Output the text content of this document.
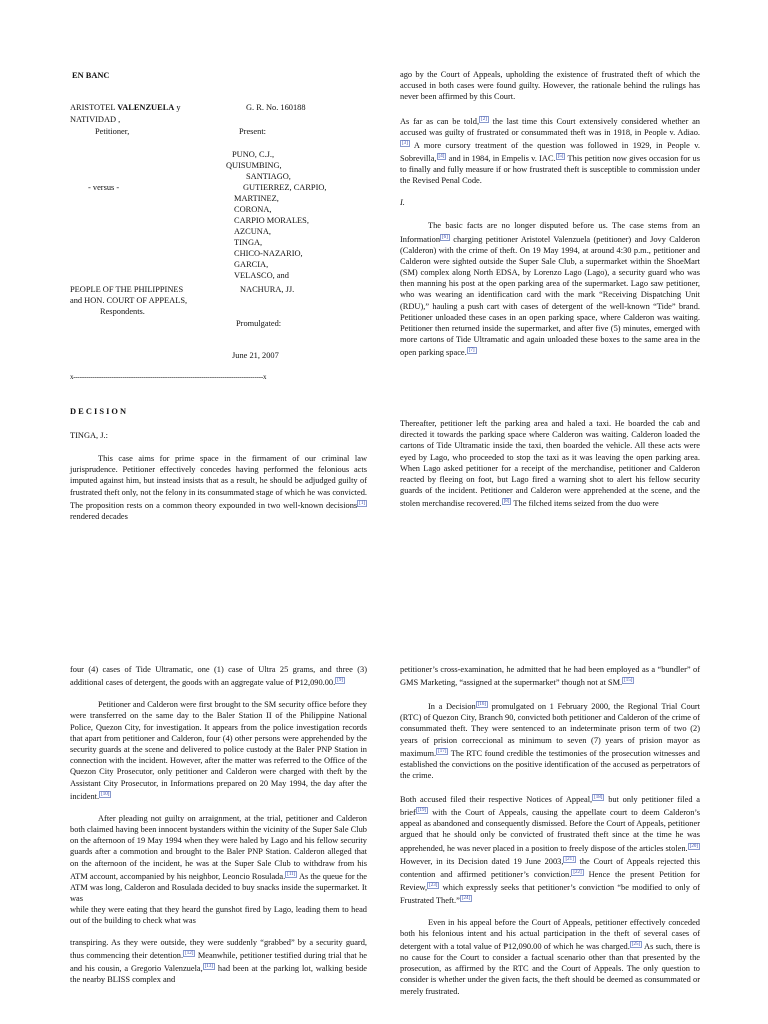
EN BANC
ARISTOTEL VALENZUELA y
NATIVIDAD ,
Petitioner,
G. R. No. 160188
Present:
PUNO, C.J.,
QUISUMBING,
SANTIAGO,
GUTIERREZ, CARPIO,
MARTINEZ,
CORONA,
CARPIO MORALES,
AZCUNA,
TINGA,
CHICO-NAZARIO,
GARCIA,
VELASCO, and
NACHURA, JJ.
- versus -
PEOPLE OF THE PHILIPPINES
and HON. COURT OF APPEALS,
Respondents.
Promulgated:
June 21, 2007
x-----------------------------------------------------------------------------------------x
D E C I S I O N
TINGA, J.:

This case aims for prime space in the firmament of our criminal law jurisprudence. Petitioner effectively concedes having performed the felonious acts imputed against him, but instead insists that as a result, he should be adjudged guilty of frustrated theft only, not the felony in its consummated stage of which he was convicted. The proposition rests on a common theory expounded in two well-known decisions [1] rendered decades

ago by the Court of Appeals, upholding the existence of frustrated theft of which the accused in both cases were found guilty. However, the rationale behind the rulings has never been affirmed by this Court.

As far as can be told, [2] the last time this Court extensively considered whether an accused was guilty of frustrated or consummated theft was in 1918, in People v. Adiao.[3] A more cursory treatment of the question was followed in 1929, in People v. Sobrevilla, [4] and in 1984, in Empelis v. IAC. [5] This petition now gives occasion for us to finally and fully measure if or how frustrated theft is susceptible to commission under the Revised Penal Code.

I.

The basic facts are no longer disputed before us. The case stems from an Information [6] charging petitioner Aristotel Valenzuela (petitioner) and Jovy Calderon (Calderon) with the crime of theft. On 19 May 1994, at around 4:30 p.m., petitioner and Calderon were sighted outside the Super Sale Club, a supermarket within the ShoeMart (SM) complex along North EDSA, by Lorenzo Lago (Lago), a security guard who was then manning his post at the open parking area of the supermarket. Lago saw petitioner, who was wearing an identification card with the mark “Receiving Dispatching Unit (RDU),” hauling a push cart with cases of detergent of the well-known “Tide” brand. Petitioner unloaded these cases in an open parking space, where Calderon was waiting. Petitioner then returned inside the supermarket, and after five (5) minutes, emerged with more cartons of Tide Ultramatic and again unloaded these boxes to the same area in the open parking space. [7]

Thereafter, petitioner left the parking area and haled a taxi. He boarded the cab and directed it towards the parking space where Calderon was waiting. Calderon loaded the cartons of Tide Ultramatic inside the taxi, then boarded the vehicle. All these acts were eyed by Lago, who proceeded to stop the taxi as it was leaving the open parking area. When Lago asked petitioner for a receipt of the merchandise, petitioner and Calderon reacted by fleeing on foot, but Lago fired a warning shot to alert his fellow security guards of the incident. Petitioner and Calderon were apprehended at the scene, and the stolen merchandise recovered. [8] The filched items seized from the duo were

four (4) cases of Tide Ultramatic, one (1) case of Ultra 25 grams, and three (3) additional cases of detergent, the goods with an aggregate value of ₱12,090.00. [9]

Petitioner and Calderon were first brought to the SM security office before they were transferred on the same day to the Baler Station II of the Philippine National Police, Quezon City, for investigation. It appears from the police investigation records that apart from petitioner and Calderon, four (4) other persons were apprehended by the security guards at the scene and delivered to police custody at the Baler PNP Station in connection with the incident. However, after the matter was referred to the Office of the Quezon City Prosecutor, only petitioner and Calderon were charged with theft by the Assistant City Prosecutor, in Informations prepared on 20 May 1994, the day after the incident. [10]

After pleading not guilty on arraignment, at the trial, petitioner and Calderon both claimed having been innocent bystanders within the vicinity of the Super Sale Club on the afternoon of 19 May 1994 when they were haled by Lago and his fellow security guards after a commotion and brought to the Baler PNP Station. Calderon alleged that on the afternoon of the incident, he was at the Super Sale Club to withdraw from his ATM account, accompanied by his neighbor, Leoncio Rosulada. [11] As the queue for the ATM was long, Calderon and Rosulada decided to buy snacks inside the supermarket. It was

while they were eating that they heard the gunshot fired by Lago, leading them to head out of the building to check what was

transpiring. As they were outside, they were suddenly “grabbed” by a security guard, thus commencing their detention. [12] Meanwhile, petitioner testified during trial that he and his cousin, a Gregorio Valenzuela, [13] had been at the parking lot, walking beside the nearby BLISS complex and

petitioner’s cross-examination, he admitted that he had been employed as a “bundler” of GMS Marketing, “assigned at the supermarket” though not at SM. [15]

In a Decision [16] promulgated on 1 February 2000, the Regional Trial Court (RTC) of Quezon City, Branch 90, convicted both petitioner and Calderon of the crime of consummated theft. They were sentenced to an indeterminate prison term of two (2) years of prision correccional as minimum to seven (7) years of prision mayor as maximum. [17] The RTC found credible the testimonies of the prosecution witnesses and established the convictions on the positive identification of the accused as perpetrators of the crime.

Both accused filed their respective Notices of Appeal, [18] but only petitioner filed a brief [19] with the Court of Appeals, causing the appellate court to deem Calderon’s appeal as abandoned and consequently dismissed. Before the Court of Appeals, petitioner argued that he should only be convicted of frustrated theft since at the time he was apprehended, he was never placed in a position to freely dispose of the articles stolen. [20] However, in its Decision dated 19 June 2003, [21] the Court of Appeals rejected this contention and affirmed petitioner’s conviction. [22] Hence the present Petition for Review, [23] which expressly seeks that petitioner’s conviction “be modified to only of Frustrated Theft.” [24]

Even in his appeal before the Court of Appeals, petitioner effectively conceded both his felonious intent and his actual participation in the theft of several cases of detergent with a total value of ₱12,090.00 of which he was charged. [25] As such, there is no cause for the Court to consider a factual scenario other than that presented by the prosecution, as affirmed by the RTC and the Court of Appeals. The only question to consider is whether under the given facts, the theft should be deemed as consummated or merely frustrated.
